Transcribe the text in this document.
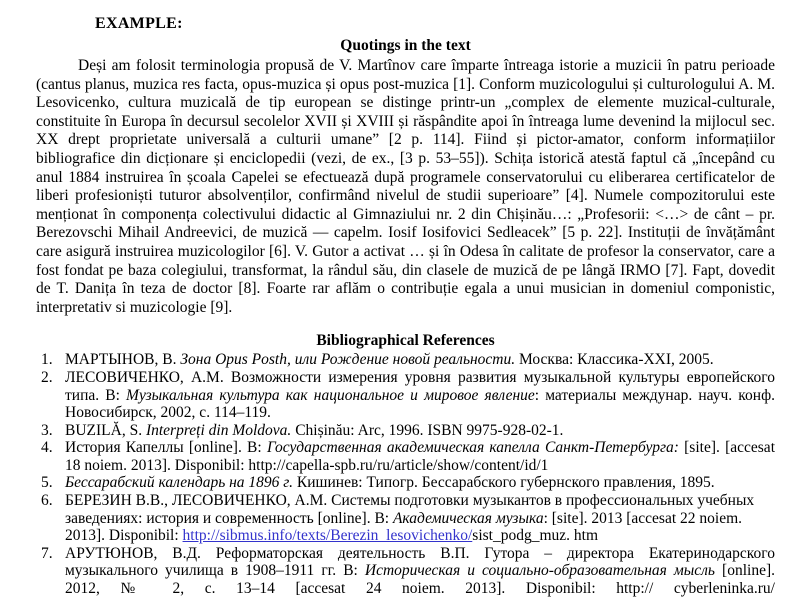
EXAMPLE:
Quotings in the text
Deși am folosit terminologia propusă de V. Martînov care împarte întreaga istorie a muzicii în patru perioade (cantus planus, muzica res facta, opus-muzica și opus post-muzica [1]. Conform muzicologului și culturologului A. M. Lesovicenko, cultura muzicală de tip european se distinge printr-un „complex de elemente muzical-culturale, constituite în Europa în decursul secolelor XVII și XVIII și răspândite apoi în întreaga lume devenind la mijlocul sec. XX drept proprietate universală a culturii umane” [2 p. 114]. Fiind și pictor-amator, conform informațiilor bibliografice din dicționare și enciclopedii (vezi, de ex., [3 p. 53–55]). Schița istorică atestă faptul că „începând cu anul 1884 instruirea în școala Capelei se efectuează după programele conservatorului cu eliberarea certificatelor de liberi profesioniști tuturor absolvenților, confirmând nivelul de studii superioare” [4]. Numele compozitorului este menționat în componența colectivului didactic al Gimnaziului nr. 2 din Chișinău…: „Profesorii: <…> de cânt – pr. Berezovschi Mihail Andreevici, de muzică — capelm. Iosif Iosifovici Sedleacek” [5 p. 22]. Instituții de învățământ care asigură instruirea muzicologilor [6]. V. Gutor a activat … și în Odesa în calitate de profesor la conservator, care a fost fondat pe baza colegiului, transformat, la rândul său, din clasele de muzică de pe lângă IRMO [7]. Fapt, dovedit de T. Danița în teza de doctor [8]. Foarte rar aflăm o contribuție egala a unui musician in domeniul componistic, interpretativ si muzicologie [9].
Bibliographical References
1. МАРТЫНОВ, В. Зона Opus Posth, или Рождение новой реальности. Москва: Классика-XXI, 2005.
2. ЛЕСОВИЧЕНКО, А.М. Возможности измерения уровня развития музыкальной культуры европейского типа. В: Музыкальная культура как национальное и мировое явление: материалы междунар. науч. конф. Новосибирск, 2002, с. 114–119.
3. BUZILĂ, S. Interpreți din Moldova. Chișinău: Arc, 1996. ISBN 9975-928-02-1.
4. История Капеллы [online]. В: Государственная академическая капелла Санкт-Петербурга: [site]. [accesat 18 noiem. 2013]. Disponibil: http://capella-spb.ru/ru/article/show/content/id/1
5. Бессарабский календарь на 1896 г. Кишинев: Типогр. Бессарабского губернского правления, 1895.
6. БЕРЕЗИН В.В., ЛЕСОВИЧЕНКО, А.М. Системы подготовки музыкантов в профессиональных учебных заведениях: история и современность [online]. В: Академическая музыка: [site]. 2013 [accesat 22 noiem. 2013]. Disponibil: http://sibmus.info/texts/Berezin_lesovichenko/sist_podg_muz. htm
7. АРУТЮНОВ, В.Д. Реформаторская деятельность В.П. Гутора – директора Екатеринодарского музыкального училища в 1908–1911 гг. В: Историческая и социально-образовательная мысль [online]. 2012, № 2, с. 13–14 [accesat 24 noiem. 2013]. Disponibil: http:// cyberleninka.ru/
